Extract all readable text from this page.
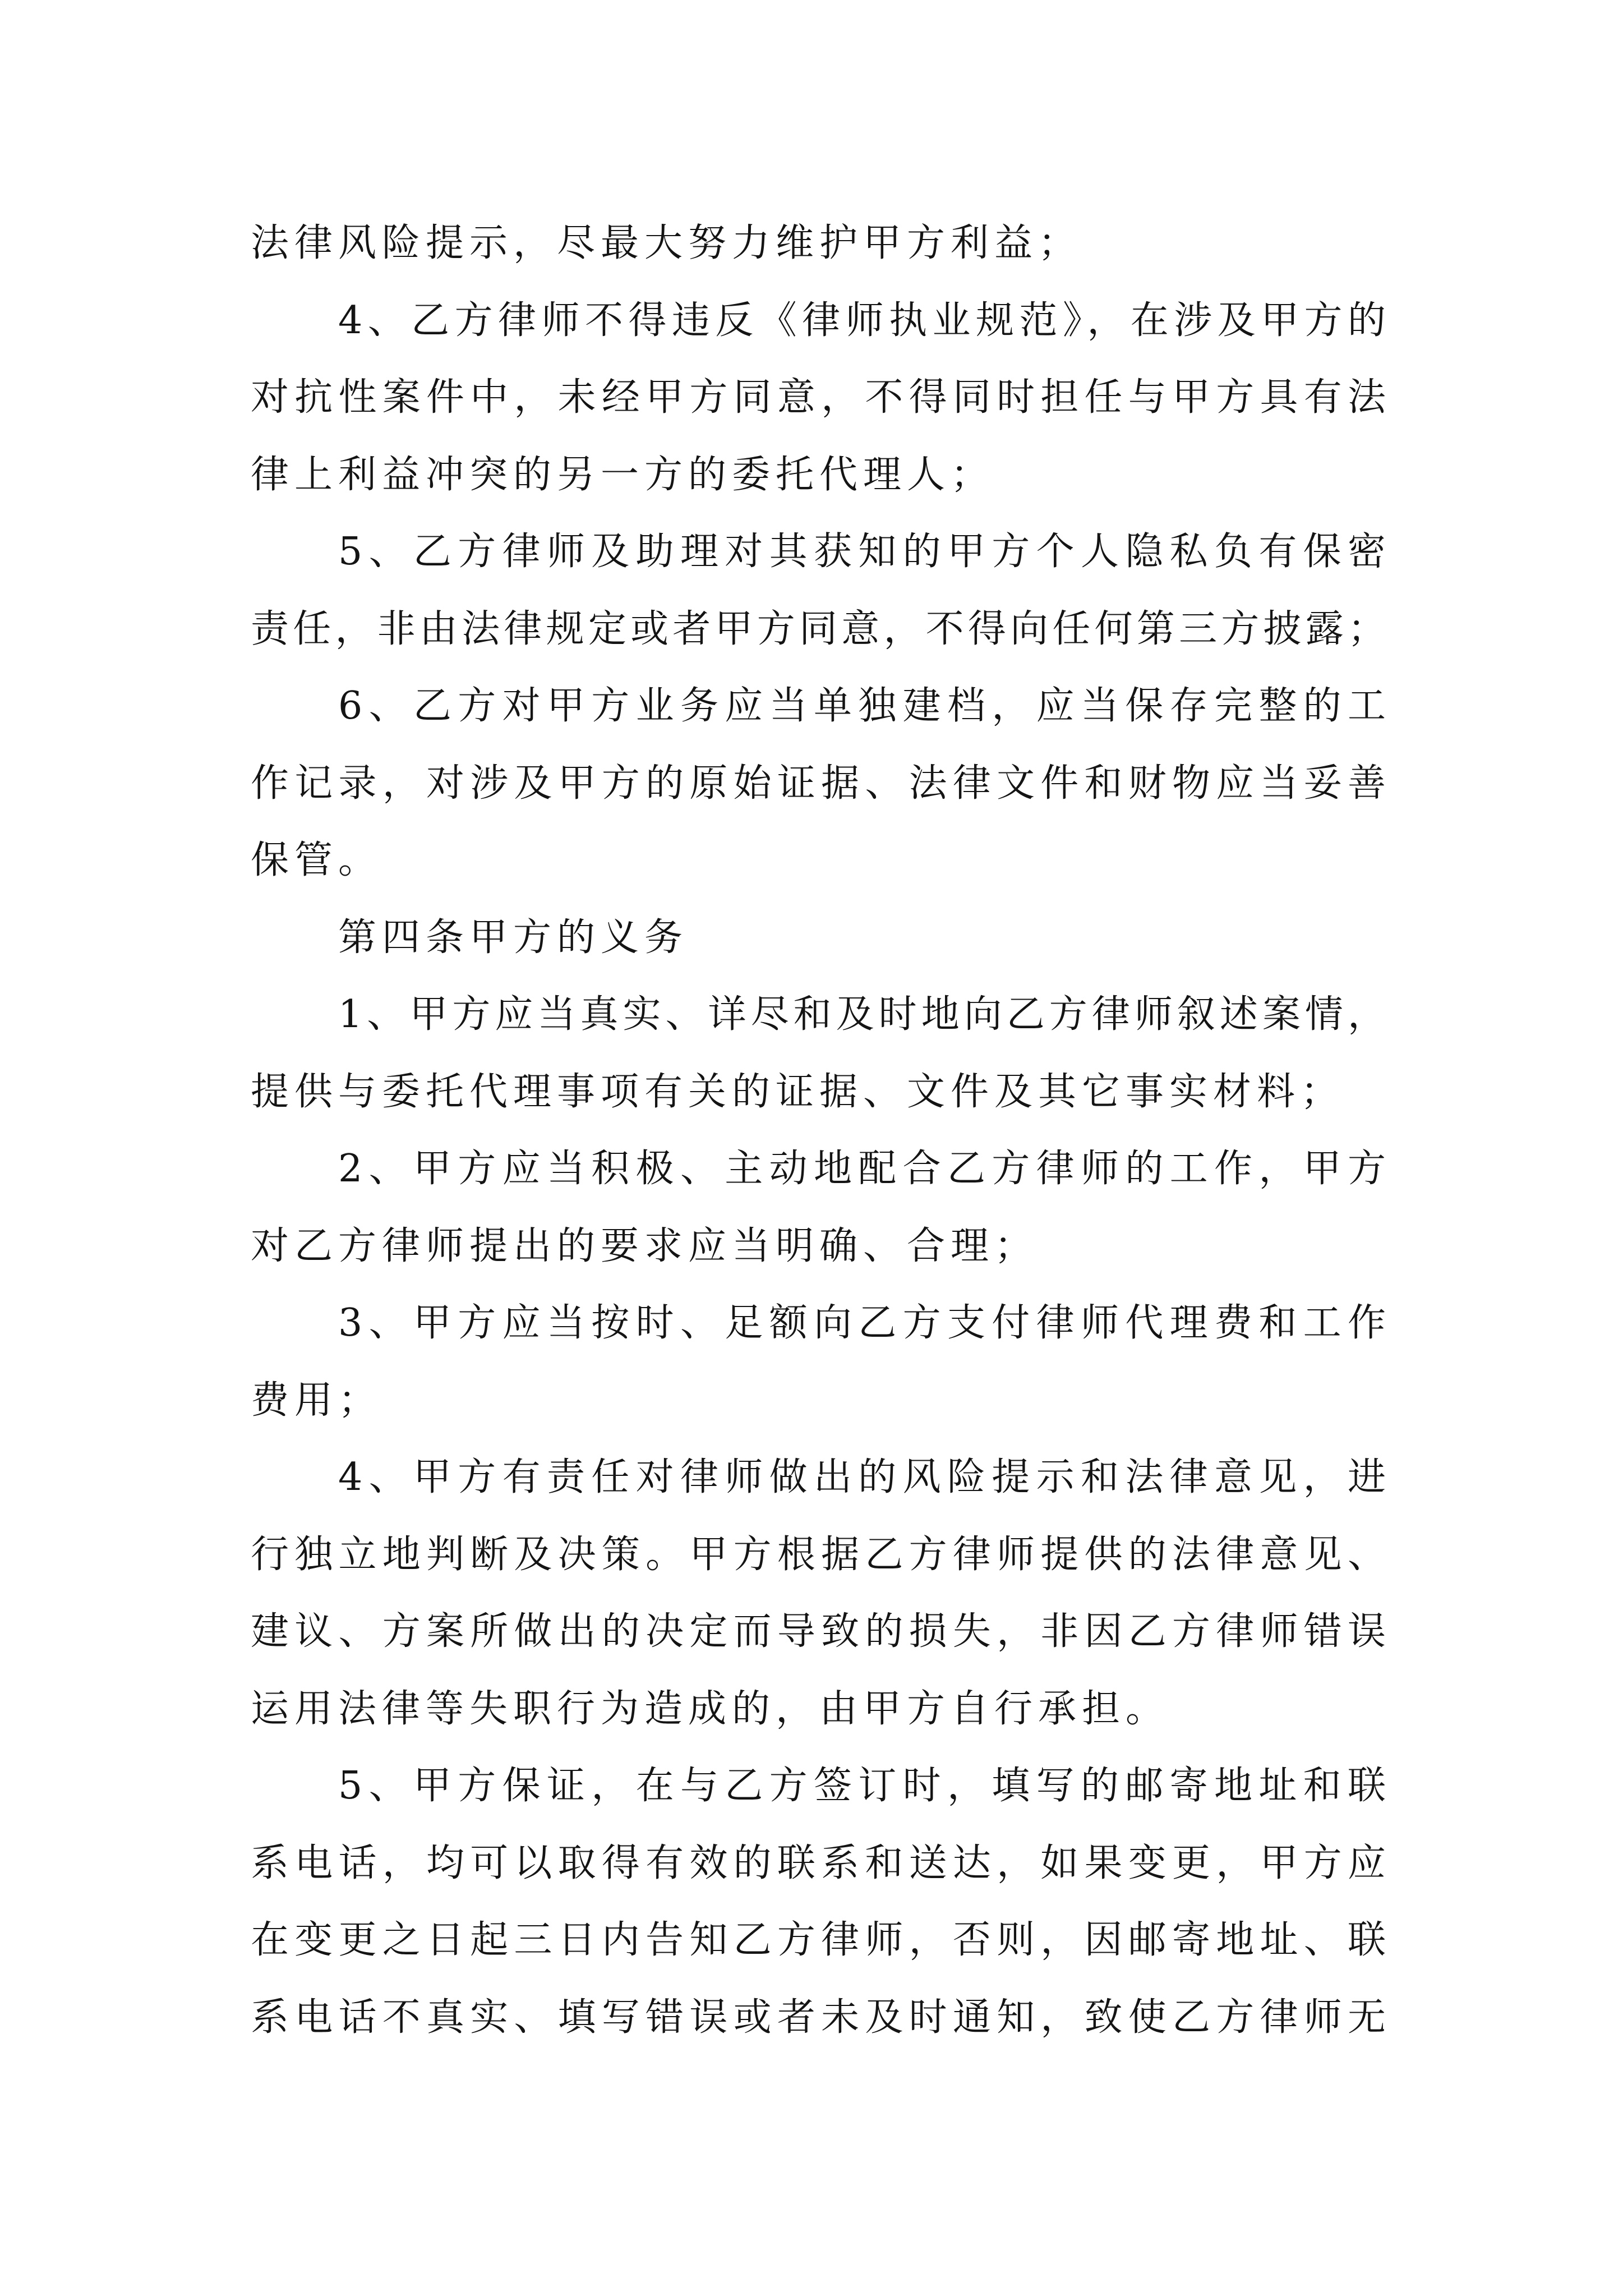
法律风险提示，尽最大努力维护甲方利益；
4、乙方律师不得违反《律师执业规范》，在涉及甲方的
对抗性案件中，未经甲方同意，不得同时担任与甲方具有法
律上利益冲突的另一方的委托代理人；
5、乙方律师及助理对其获知的甲方个人隐私负有保密
责任，非由法律规定或者甲方同意，不得向任何第三方披露；
6、乙方对甲方业务应当单独建档，应当保存完整的工
作记录，对涉及甲方的原始证据、法律文件和财物应当妥善
保管。
第四条甲方的义务
1、甲方应当真实、详尽和及时地向乙方律师叙述案情，
提供与委托代理事项有关的证据、文件及其它事实材料；
2、甲方应当积极、主动地配合乙方律师的工作，甲方
对乙方律师提出的要求应当明确、合理；
3、甲方应当按时、足额向乙方支付律师代理费和工作
费用；
4、甲方有责任对律师做出的风险提示和法律意见，进
行独立地判断及决策。甲方根据乙方律师提供的法律意见、
建议、方案所做出的决定而导致的损失，非因乙方律师错误
运用法律等失职行为造成的，由甲方自行承担。
5、甲方保证，在与乙方签订时，填写的邮寄地址和联
系电话，均可以取得有效的联系和送达，如果变更，甲方应
在变更之日起三日内告知乙方律师，否则，因邮寄地址、联
系电话不真实、填写错误或者未及时通知，致使乙方律师无
